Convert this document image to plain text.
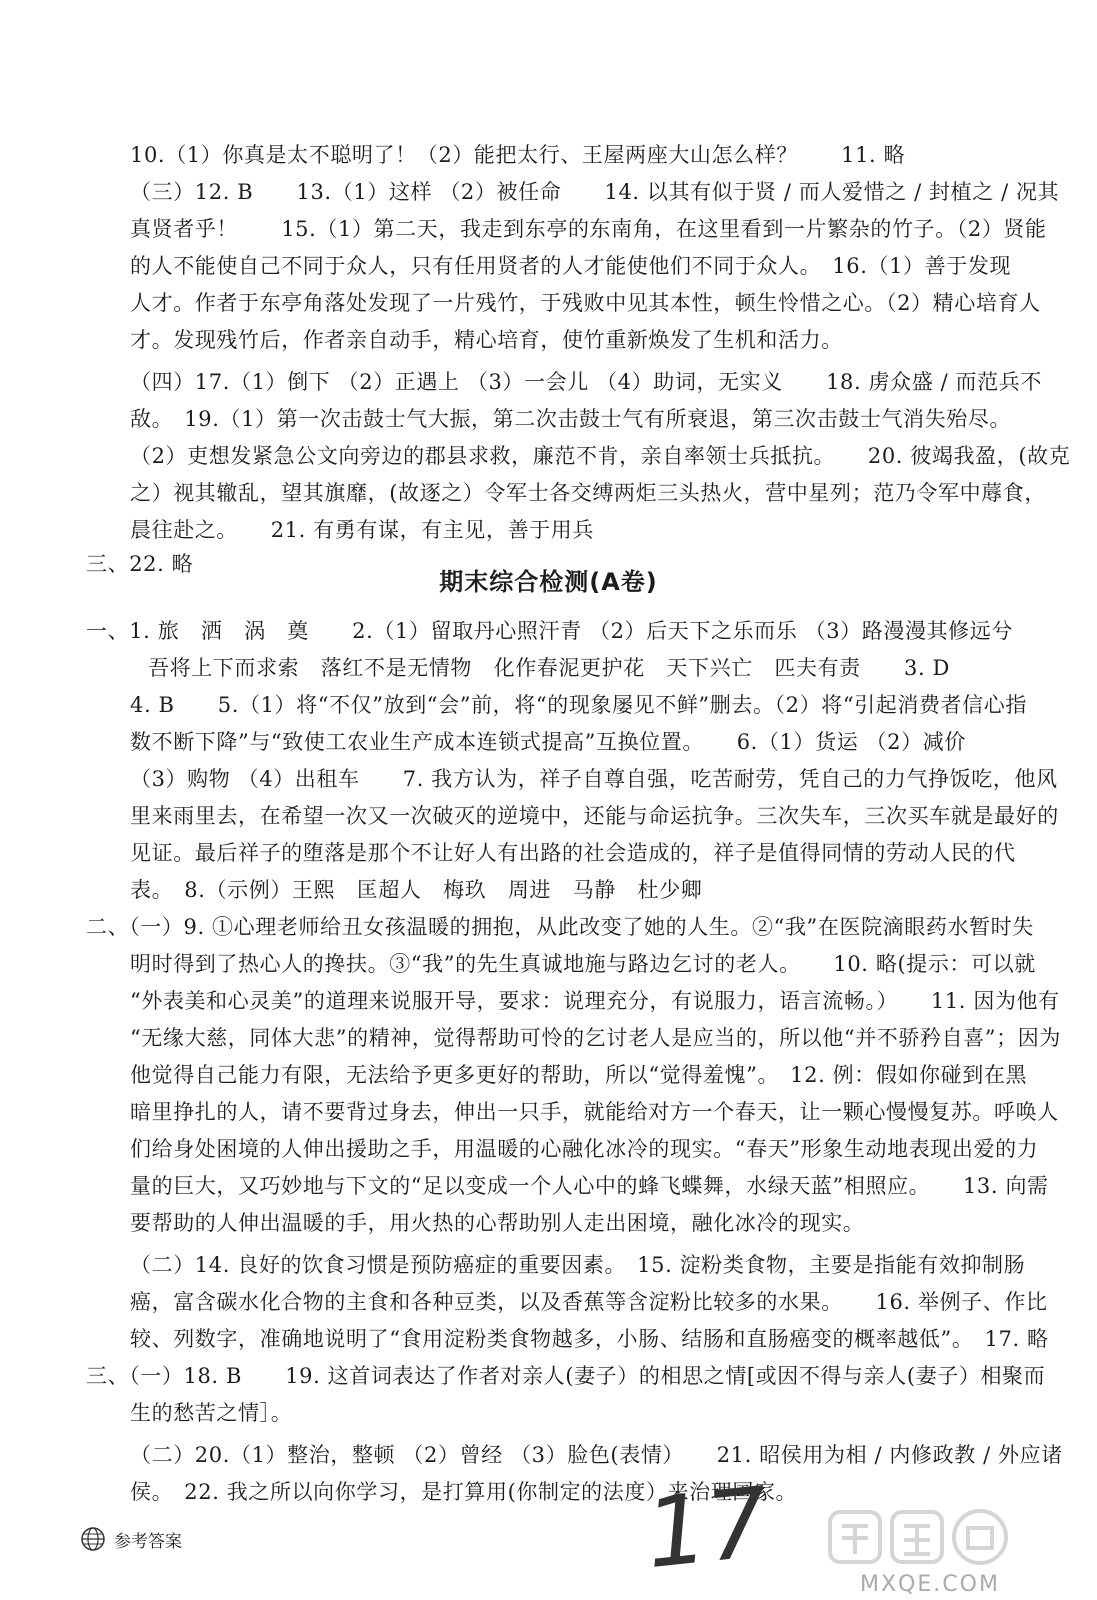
10.（1）你真是太不聪明了！（2）能把太行、王屋两座大山怎么样？　　11. 略
（三）12. B　　13.（1）这样 （2）被任命　　14. 以其有似于贤 / 而人爱惜之 / 封植之 / 况其
真贤者乎！　　15.（1）第二天，我走到东亭的东南角，在这里看到一片繁杂的竹子。（2）贤能
的人不能使自己不同于众人，只有任用贤者的人才能使他们不同于众人。　16.（1）善于发现
人才。作者于东亭角落处发现了一片残竹，于残败中见其本性，顿生怜惜之心。（2）精心培育人
才。发现残竹后，作者亲自动手，精心培育，使竹重新焕发了生机和活力。
（四）17.（1）倒下 （2）正遇上 （3）一会儿 （4）助词，无实义　　18. 虏众盛 / 而范兵不
敌。　19.（1）第一次击鼓士气大振，第二次击鼓士气有所衰退，第三次击鼓士气消失殆尽。
（2）吏想发紧急公文向旁边的郡县求救，廉范不肯，亲自率领士兵抵抗。　　20. 彼竭我盈，(故克
之）视其辙乱，望其旗靡，(故逐之）令军士各交缚两炬三头热火，营中星列；范乃令军中蓐食，
晨往赴之。　　21. 有勇有谋，有主见，善于用兵
三、22. 略
期末综合检测(A卷)
一、1. 旅　洒　涡　奠　　2.（1）留取丹心照汗青 （2）后天下之乐而乐 （3）路漫漫其修远兮
吾将上下而求索　落红不是无情物　化作春泥更护花　天下兴亡　匹夫有责　　3. D
4. B　　5.（1）将“不仅”放到“会”前，将“的现象屡见不鲜”删去。（2）将“引起消费者信心指
数不断下降”与“致使工农业生产成本连锁式提高”互换位置。　　6.（1）货运 （2）减价
（3）购物 （4）出租车　　7. 我方认为，祥子自尊自强，吃苦耐劳，凭自己的力气挣饭吃，他风
里来雨里去，在希望一次又一次破灭的逆境中，还能与命运抗争。三次失车，三次买车就是最好的
见证。最后祥子的堕落是那个不让好人有出路的社会造成的，祥子是值得同情的劳动人民的代
表。　8.（示例）王熙　匡超人　梅玖　周进　马静　杜少卿
二、（一）9. ①心理老师给丑女孩温暖的拥抱，从此改变了她的人生。②“我”在医院滴眼药水暂时失
明时得到了热心人的搀扶。③“我”的先生真诚地施与路边乞讨的老人。　　10. 略(提示：可以就
“外表美和心灵美”的道理来说服开导，要求：说理充分，有说服力，语言流畅。）　　11. 因为他有
“无缘大慈，同体大悲”的精神，觉得帮助可怜的乞讨老人是应当的，所以他“并不骄矜自喜”；因为
他觉得自己能力有限，无法给予更多更好的帮助，所以“觉得羞愧”。　12. 例：假如你碰到在黑
暗里挣扎的人，请不要背过身去，伸出一只手，就能给对方一个春天，让一颗心慢慢复苏。呼唤人
们给身处困境的人伸出援助之手，用温暖的心融化冰冷的现实。“春天”形象生动地表现出爱的力
量的巨大，又巧妙地与下文的“足以变成一个人心中的蜂飞蝶舞，水绿天蓝”相照应。　　13. 向需
要帮助的人伸出温暖的手，用火热的心帮助别人走出困境，融化冰冷的现实。
（二）14. 良好的饮食习惯是预防癌症的重要因素。　15. 淀粉类食物，主要是指能有效抑制肠
癌，富含碳水化合物的主食和各种豆类，以及香蕉等含淀粉比较多的水果。　　16. 举例子、作比
较、列数字，准确地说明了“食用淀粉类食物越多，小肠、结肠和直肠癌变的概率越低”。　17. 略
三、（一）18. B　　19. 这首词表达了作者对亲人(妻子）的相思之情[或因不得与亲人(妻子）相聚而
生的愁苦之情］。
（二）20.（1）整治，整顿 （2）曾经 （3）脸色(表情）　　21. 昭侯用为相 / 内修政教 / 外应诸
侯。　22. 我之所以向你学习，是打算用(你制定的法度）来治理国家。
参考答案	17	MXQE.COM
